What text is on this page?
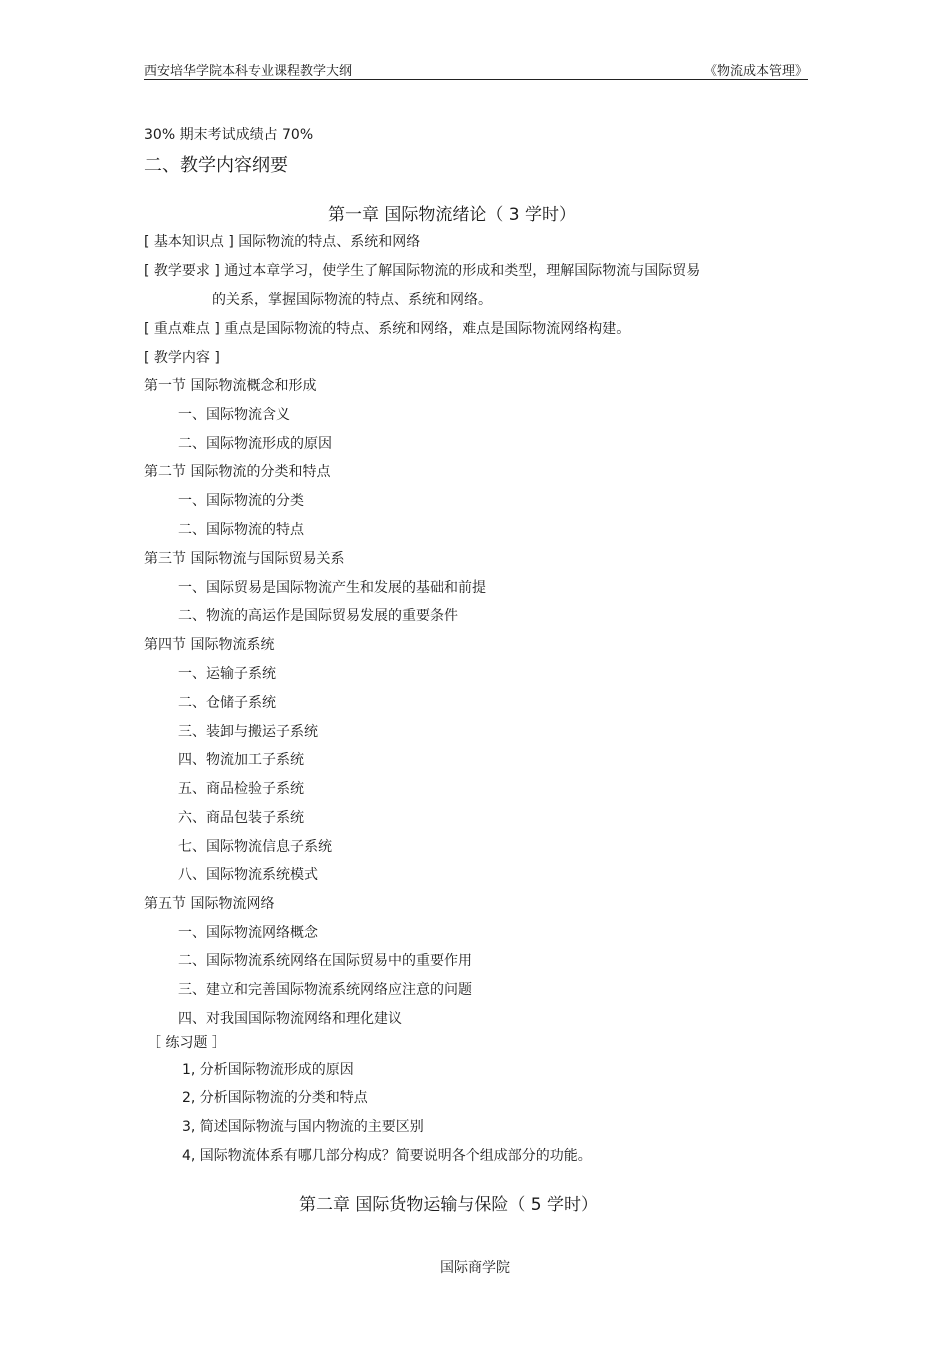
西安培华学院本科专业课程教学大纲	《物流成本管理》
30% 期末考试成绩占 70%
二、教学内容纲要
第一章 国际物流绪论（ 3 学时）
[ 基本知识点 ] 国际物流的特点、系统和网络
[ 教学要求 ] 通过本章学习，使学生了解国际物流的形成和类型，理解国际物流与国际贸易
的关系，掌握国际物流的特点、系统和网络。
[ 重点难点 ] 重点是国际物流的特点、系统和网络，难点是国际物流网络构建。
[ 教学内容 ]
第一节 国际物流概念和形成
一、国际物流含义
二、国际物流形成的原因
第二节 国际物流的分类和特点
一、国际物流的分类
二、国际物流的特点
第三节 国际物流与国际贸易关系
一、国际贸易是国际物流产生和发展的基础和前提
二、物流的高运作是国际贸易发展的重要条件
第四节 国际物流系统
一、运输子系统
二、仓储子系统
三、装卸与搬运子系统
四、物流加工子系统
五、商品检验子系统
六、商品包装子系统
七、国际物流信息子系统
八、国际物流系统模式
第五节 国际物流网络
一、国际物流网络概念
二、国际物流系统网络在国际贸易中的重要作用
三、建立和完善国际物流系统网络应注意的问题
四、对我国国际物流网络和理化建议
［ 练习题 ］
1, 分析国际物流形成的原因
2, 分析国际物流的分类和特点
3, 简述国际物流与国内物流的主要区别
4, 国际物流体系有哪几部分构成？简要说明各个组成部分的功能。
第二章 国际货物运输与保险（ 5 学时）
国际商学院
